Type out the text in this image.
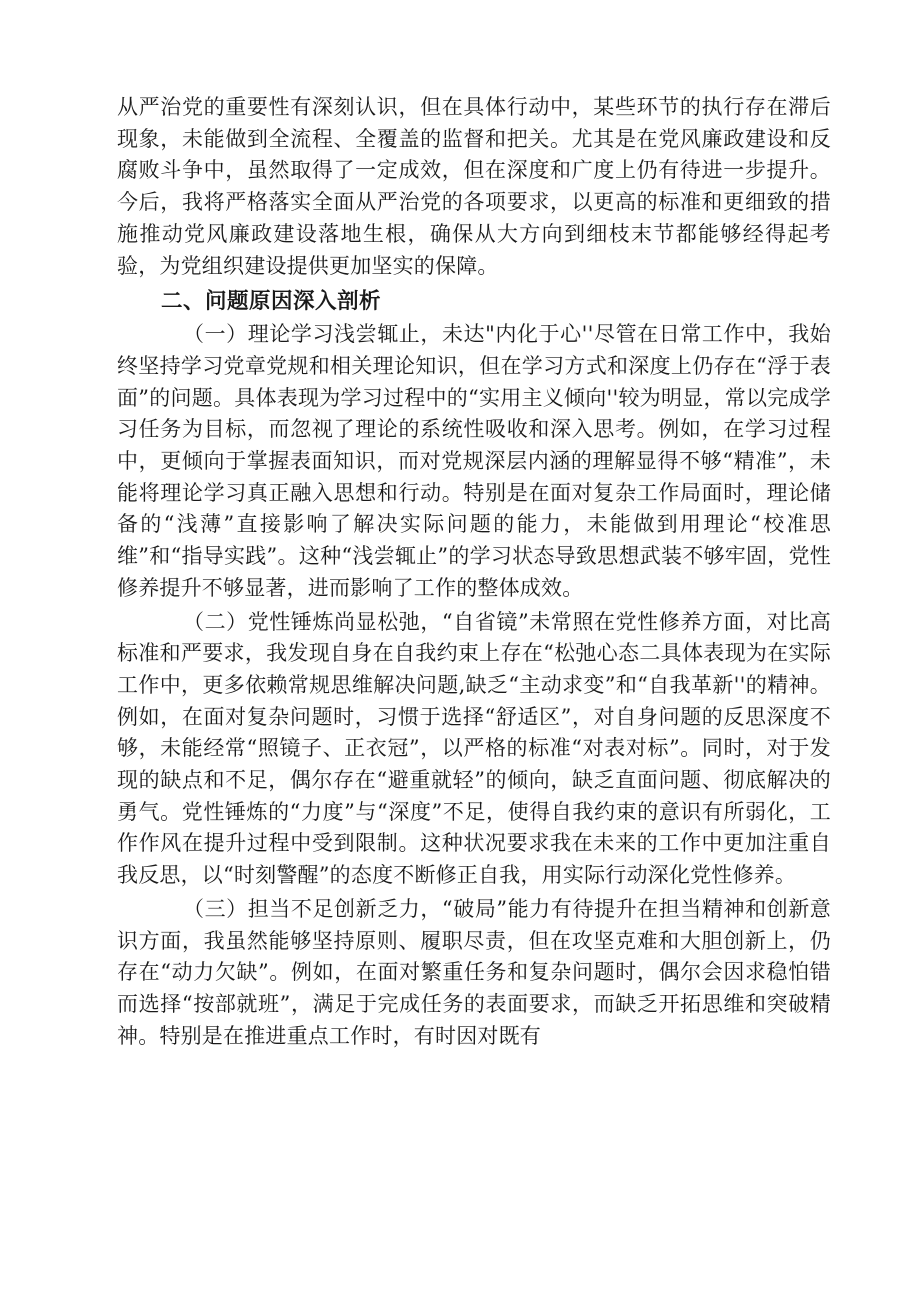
从严治党的重要性有深刻认识，但在具体行动中，某些环节的执行存在滞后现象，未能做到全流程、全覆盖的监督和把关。尤其是在党风廉政建设和反腐败斗争中，虽然取得了一定成效，但在深度和广度上仍有待进一步提升。今后，我将严格落实全面从严治党的各项要求，以更高的标准和更细致的措施推动党风廉政建设落地生根，确保从大方向到细枝末节都能够经得起考验，为党组织建设提供更加坚实的保障。

二、问题原因深入剖析

（一）理论学习浅尝辄止，未达"内化于心''尽管在日常工作中，我始终坚持学习党章党规和相关理论知识，但在学习方式和深度上仍存在“浮于表面”的问题。具体表现为学习过程中的“实用主义倾向''较为明显，常以完成学习任务为目标，而忽视了理论的系统性吸收和深入思考。例如，在学习过程中，更倾向于掌握表面知识，而对党规深层内涵的理解显得不够“精准”，未能将理论学习真正融入思想和行动。特别是在面对复杂工作局面时，理论储备的“浅薄”直接影响了解决实际问题的能力，未能做到用理论“校准思维”和“指导实践”。这种“浅尝辄止”的学习状态导致思想武装不够牢固，党性修养提升不够显著，进而影响了工作的整体成效。

（二）党性锤炼尚显松弛，“自省镜”未常照在党性修养方面，对比高标准和严要求，我发现自身在自我约束上存在“松弛心态二具体表现为在实际工作中，更多依赖常规思维解决问题,缺乏“主动求变”和“自我革新''的精神。例如，在面对复杂问题时，习惯于选择“舒适区”，对自身问题的反思深度不够，未能经常“照镜子、正衣冠”，以严格的标准“对表对标”。同时，对于发现的缺点和不足，偶尔存在“避重就轻”的倾向，缺乏直面问题、彻底解决的勇气。党性锤炼的“力度”与“深度”不足，使得自我约束的意识有所弱化，工作作风在提升过程中受到限制。这种状况要求我在未来的工作中更加注重自我反思，以“时刻警醒”的态度不断修正自我，用实际行动深化党性修养。

（三）担当不足创新乏力，“破局”能力有待提升在担当精神和创新意识方面，我虽然能够坚持原则、履职尽责，但在攻坚克难和大胆创新上，仍存在“动力欠缺”。例如，在面对繁重任务和复杂问题时，偶尔会因求稳怕错而选择“按部就班”，满足于完成任务的表面要求，而缺乏开拓思维和突破精神。特别是在推进重点工作时，有时因对既有
